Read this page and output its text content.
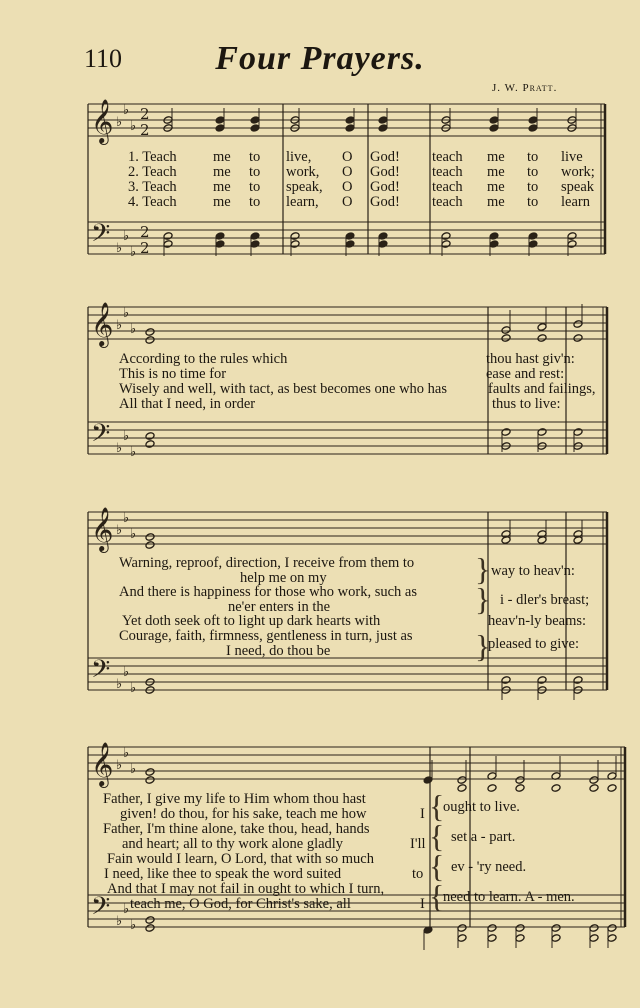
110	Four Prayers.
J. W. Pratt.
𝄞
𝄢
♭
♭
♭
♭
♭
♭
2
2
2
2
𝄞
𝄢
♭
♭
♭
♭
♭
♭
𝄞
𝄢
♭
♭
♭
♭
♭
♭
𝄞
𝄢
♭
♭
♭
♭
♭
♭
1. Teach	me to live, O God! teach me to live
2. Teach	me to work, O God! teach me to work;
3. Teach	me to speak, O God! teach me to speak
4. Teach	me to learn, O God! teach me to learn
According to the rules which	thou hast giv'n:
This is no time for	ease and rest:
Wisely and well, with tact, as best becomes one who has	faults and failings,
All that I need, in order	thus to live:
Warning, reproof, direction, I receive from them to
help me on my	way to heav'n:
And there is happiness for those who work, such as
ne'er enters in the	i - dler's breast;
Yet doth seek oft to light up dark hearts with	heav'n-ly beams:
Courage, faith, firmness, gentleness in turn, just as
I need, do thou be	pleased to give:
}
}
}
Father, I give my life to Him whom thou hast
given! do thou, for his sake, teach me how	I ought to live.
{
Father, I'm thine alone, take thou, head, hands
and heart; all to thy work alone gladly	I'll set a - part.
{
Fain would I learn, O Lord, that with so much
I need, like thee to speak the word suited	to ev - 'ry need.
{
And that I may not fail in ought to which I turn,
teach me, O God, for Christ's sake, all	I need to learn. A - men.
{
